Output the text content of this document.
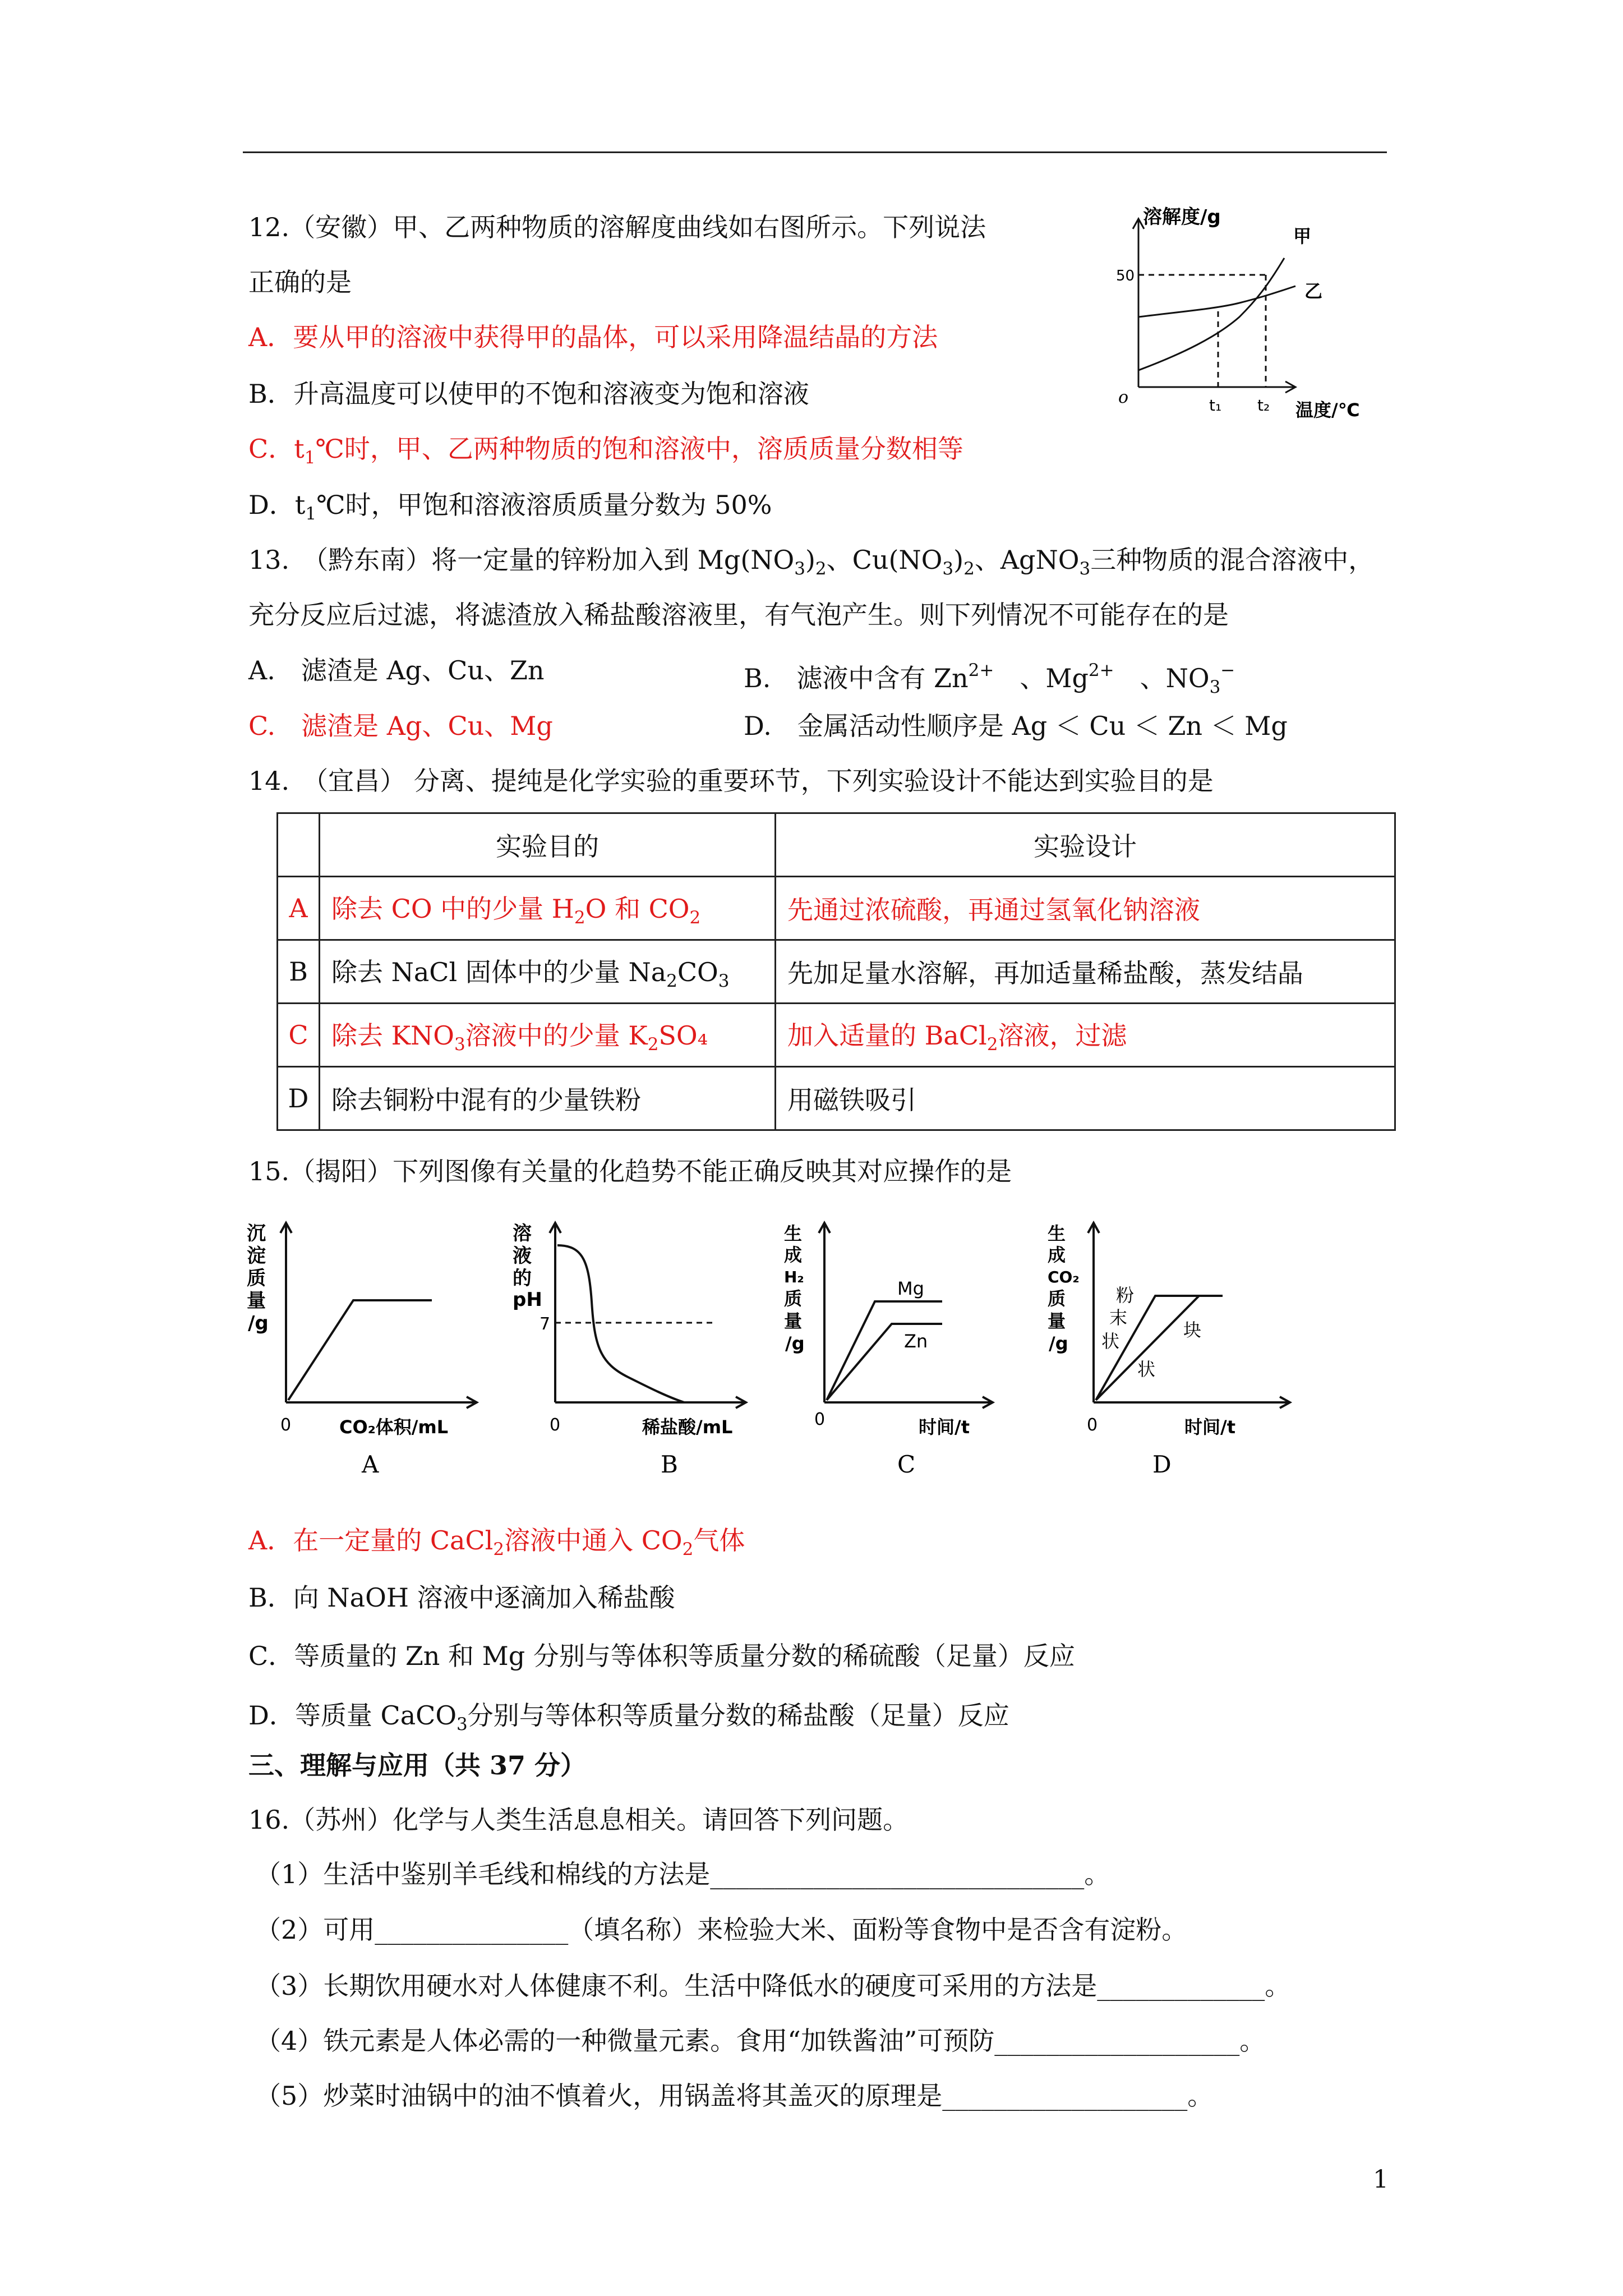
12.（安徽）甲、乙两种物质的溶解度曲线如右图所示。下列说法
正确的是
A．要从甲的溶液中获得甲的晶体，可以采用降温结晶的方法
B．升高温度可以使甲的不饱和溶液变为饱和溶液
C．$t_1℃$时，甲、乙两种物质的饱和溶液中，溶质质量分数相等
D．$t_1℃$时，甲饱和溶液溶质质量分数为 50%
溶解度/g
50
o	t₁ t₂ 温度/℃
甲
乙
13.　（黔东南）将一定量的锌粉加入到 $Mg(NO_3)_2$、$Cu(NO_3)_2$、AgNO$_3$三种物质的混合溶液中，
充分反应后过滤，将滤渣放入稀盐酸溶液里，有气泡产生。则下列情况不可能存在的是
A.　滤渣是 Ag、Cu、Zn	B.　滤液中含有 $Zn^{2+}$　、$Mg^{2+}$　、$NO_3^-$
C.　滤渣是 Ag、Cu、Mg	D.　金属活动性顺序是 Ag ＜ Cu ＜ Zn ＜ Mg
14.　（宜昌） 分离、提纯是化学实验的重要环节，下列实验设计不能达到实验目的是
	实验目的	实验设计
A	除去 CO 中的少量 $H_2O$ 和 $CO_2$	先通过浓硫酸，再通过氢氧化钠溶液
B	除去 NaCl 固体中的少量 $Na_2CO_3$	先加足量水溶解，再加适量稀盐酸，蒸发结晶
C	除去 $KNO_3$溶液中的少量 $K_2SO_4$	加入适量的 BaCl$_2$溶液，过滤
D	除去铜粉中混有的少量铁粉	用磁铁吸引
15.（揭阳）下列图像有关量的化趋势不能正确反映其对应操作的是
沉
淀
质
量
/g
0	CO₂体积/mL
A
溶
液
的
pH
7
0	稀盐酸/mL
B
生
成
H₂
质
量
/g
Mg
Zn
0	时间/t
C
生
成
CO₂
质
量
/g
粉
末
状
块
状
0	时间/t
D
A．在一定量的 CaCl$_2$溶液中通入 $CO_2$气体
B．向 NaOH 溶液中逐滴加入稀盐酸
C．等质量的 Zn 和 Mg 分别与等体积等质量分数的稀硫酸（足量）反应
D．等质量 CaCO$_3$分别与等体积等质量分数的稀盐酸（足量）反应
三、理解与应用（共 37 分）
16.（苏州）化学与人类生活息息相关。请回答下列问题。
（1）生活中鉴别羊毛线和棉线的方法是_____________________________。
（2）可用_______________（填名称）来检验大米、面粉等食物中是否含有淀粉。
（3）长期饮用硬水对人体健康不利。生活中降低水的硬度可采用的方法是_____________。
（4）铁元素是人体必需的一种微量元素。食用“加铁酱油”可预防___________________。
（5）炒菜时油锅中的油不慎着火，用锅盖将其盖灭的原理是___________________。
1
